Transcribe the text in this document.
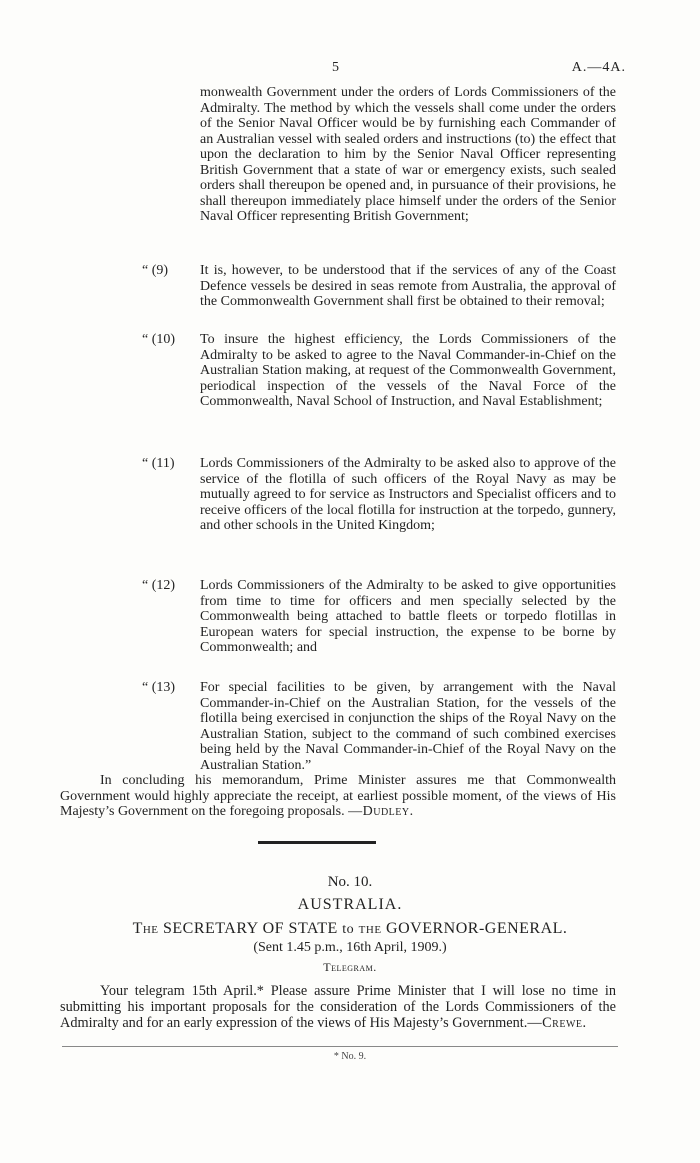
5	A.—4A.

monwealth Government under the orders of Lords Commissioners of the Admiralty. The method by which the vessels shall come under the orders of the Senior Naval Officer would be by furnishing each Commander of an Australian vessel with sealed orders and instructions (to) the effect that upon the declaration to him by the Senior Naval Officer representing British Government that a state of war or emergency exists, such sealed orders shall thereupon be opened and, in pursuance of their provisions, he shall thereupon immediately place himself under the orders of the Senior Naval Officer representing British Government;

“ (9) It is, however, to be understood that if the services of any of the Coast Defence vessels be desired in seas remote from Australia, the approval of the Commonwealth Government shall first be obtained to their removal;

“ (10) To insure the highest efficiency, the Lords Commissioners of the Admiralty to be asked to agree to the Naval Commander-in-Chief on the Australian Station making, at request of the Commonwealth Government, periodical inspection of the vessels of the Naval Force of the Commonwealth, Naval School of Instruction, and Naval Establishment;

“ (11) Lords Commissioners of the Admiralty to be asked also to approve of the service of the flotilla of such officers of the Royal Navy as may be mutually agreed to for service as Instructors and Specialist officers and to receive officers of the local flotilla for instruction at the torpedo, gunnery, and other schools in the United Kingdom;

“ (12) Lords Commissioners of the Admiralty to be asked to give opportunities from time to time for officers and men specially selected by the Commonwealth being attached to battle fleets or torpedo flotillas in European waters for special instruction, the expense to be borne by Commonwealth; and

“ (13) For special facilities to be given, by arrangement with the Naval Commander-in-Chief on the Australian Station, for the vessels of the flotilla being exercised in conjunction the ships of the Royal Navy on the Australian Station, subject to the command of such combined exercises being held by the Naval Commander-in-Chief of the Royal Navy on the Australian Station.”

In concluding his memorandum, Prime Minister assures me that Commonwealth Government would highly appreciate the receipt, at earliest possible moment, of the views of His Majesty’s Government on the foregoing proposals. —Dudley.

No. 10.

AUSTRALIA.

The SECRETARY OF STATE to the GOVERNOR-GENERAL.

(Sent 1.45 p.m., 16th April, 1909.)

Telegram.

Your telegram 15th April.* Please assure Prime Minister that I will lose no time in submitting his important proposals for the consideration of the Lords Commissioners of the Admiralty and for an early expression of the views of His Majesty’s Government.—Crewe.

* No. 9.
